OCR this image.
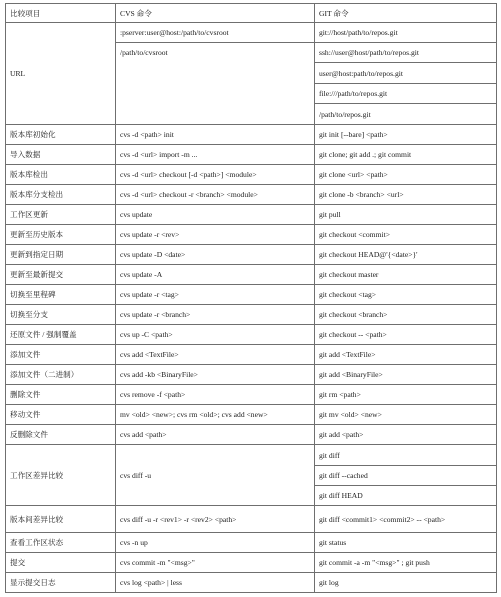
比较项目	CVS 命令	GIT 命令
URL	:pserver:user@host:/path/to/cvsroot	git://host/path/to/repos.git
	/path/to/cvsroot	ssh://user@host/path/to/repos.git
		user@host:path/to/repos.git
		file:///path/to/repos.git
		/path/to/repos.git
版本库初始化	cvs -d <path> init	git init [--bare] <path>
导入数据	cvs -d <url> import -m ...	git clone; git add .; git commit
版本库检出	cvs -d <url> checkout [-d <path>] <module>	git clone <url> <path>
版本库分支检出	cvs -d <url> checkout -r <branch> <module>	git clone -b <branch> <url>
工作区更新	cvs update	git pull
更新至历史版本	cvs update -r <rev>	git checkout <commit>
更新到指定日期	cvs update -D <date>	git checkout HEAD@'{<date>}'
更新至最新提交	cvs update -A	git checkout master
切换至里程碑	cvs update -r <tag>	git checkout <tag>
切换至分支	cvs update -r <branch>	git checkout <branch>
还原文件 / 强制覆盖	cvs up -C <path>	git checkout -- <path>
添加文件	cvs add <TextFile>	git add <TextFile>
添加文件（二进制）	cvs add -kb <BinaryFile>	git add <BinaryFile>
删除文件	cvs remove -f <path>	git rm <path>
移动文件	mv <old> <new>; cvs rm <old>; cvs add <new>	git mv <old> <new>
反删除文件	cvs add <path>	git add <path>
工作区差异比较	cvs diff -u	git diff
		git diff --cached
		git diff HEAD
版本间差异比较	cvs diff -u -r <rev1> -r <rev2> <path>	git diff <commit1> <commit2> -- <path>
查看工作区状态	cvs -n up	git status
提交	cvs commit -m "<msg>"	git commit -a -m "<msg>" ; git push
显示提交日志	cvs log <path> | less	git log
